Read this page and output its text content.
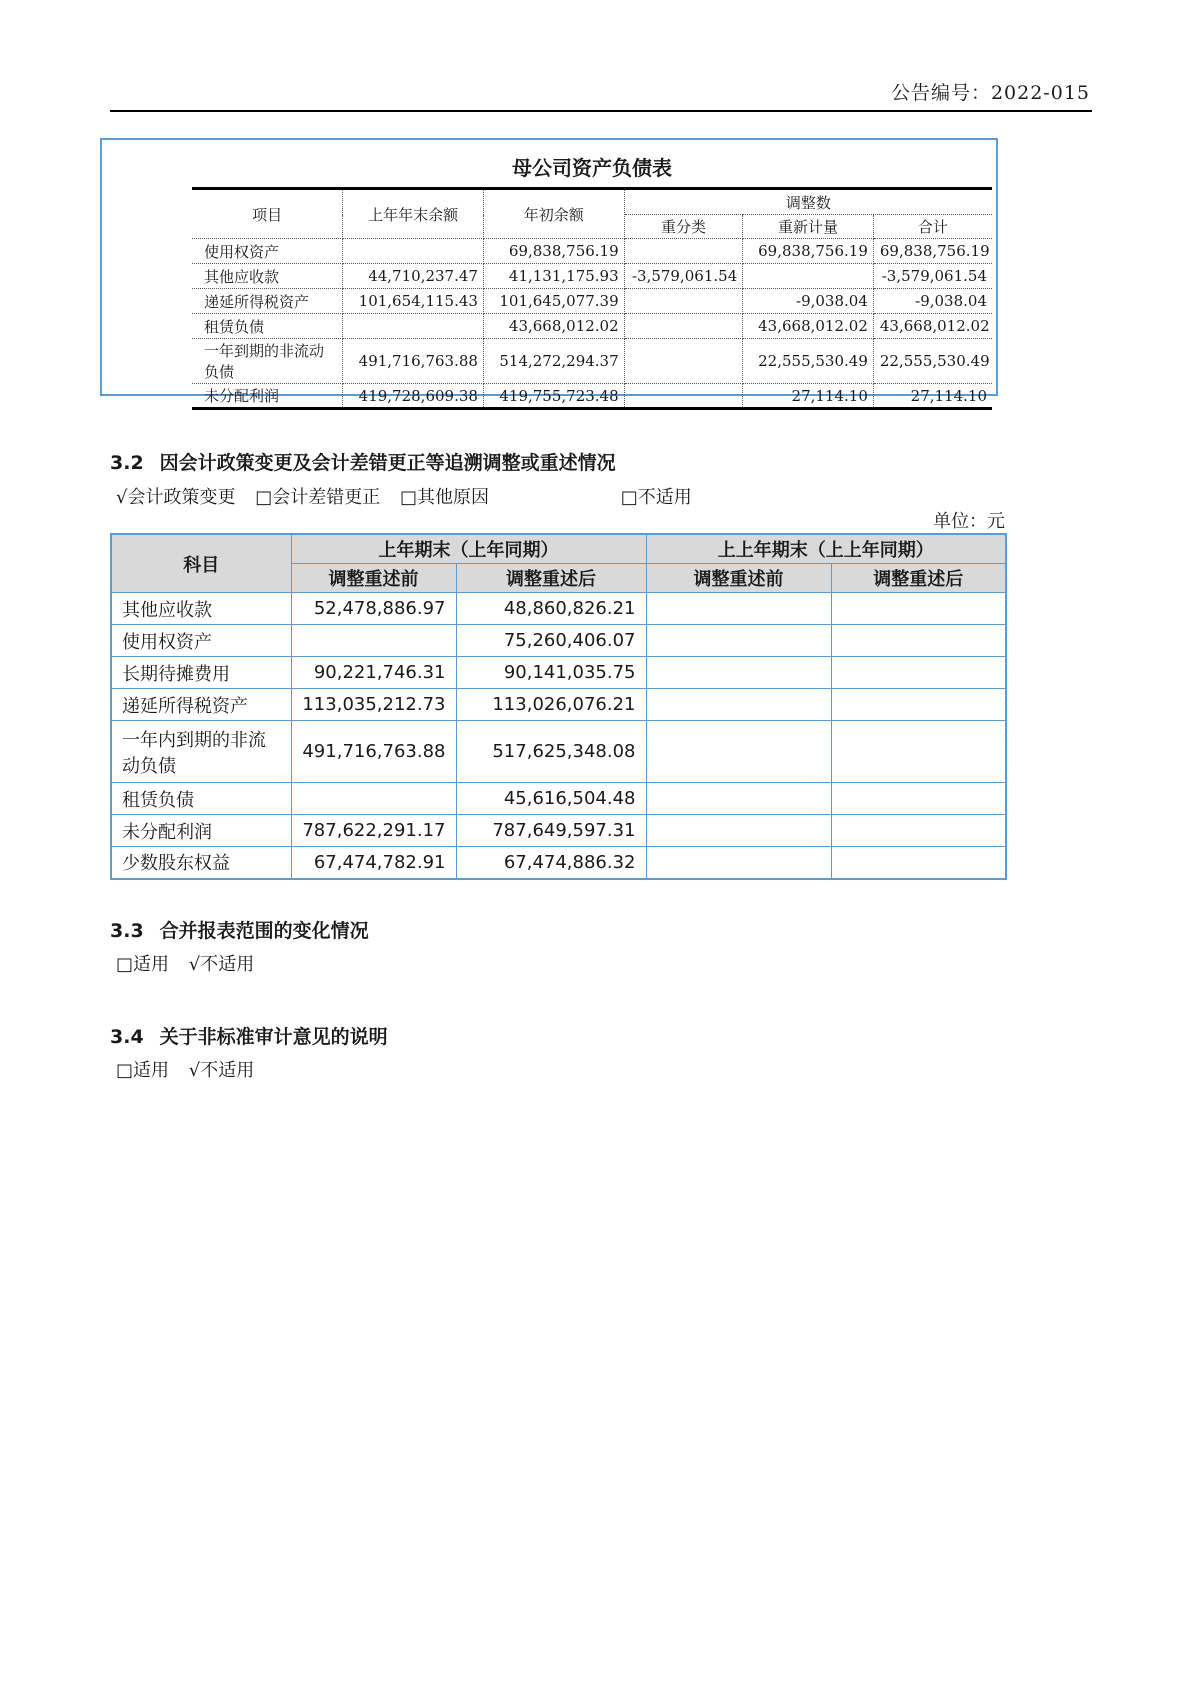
公告编号：2022-015
母公司资产负债表
项目	上年年末余额	年初余额	调整数		
			重分类	重新计量	合计
使用权资产		69,838,756.19		69,838,756.19	69,838,756.19
其他应收款	44,710,237.47	41,131,175.93	-3,579,061.54		-3,579,061.54
递延所得税资产	101,654,115.43	101,645,077.39		-9,038.04	-9,038.04
租赁负债		43,668,012.02		43,668,012.02	43,668,012.02
一年到期的非流动负债	491,716,763.88	514,272,294.37		22,555,530.49	22,555,530.49
未分配利润	419,728,609.38	419,755,723.48		27,114.10	27,114.10
3.2 因会计政策变更及会计差错更正等追溯调整或重述情况
√会计政策变更 □会计差错更正 □其他原因	□不适用
单位：元
科目	上年期末（上年同期）		上上年期末（上上年同期）	
	调整重述前	调整重述后	调整重述前	调整重述后
其他应收款	52,478,886.97	48,860,826.21		
使用权资产		75,260,406.07		
长期待摊费用	90,221,746.31	90,141,035.75		
递延所得税资产	113,035,212.73	113,026,076.21		
一年内到期的非流动负债	491,716,763.88	517,625,348.08		
租赁负债		45,616,504.48		
未分配利润	787,622,291.17	787,649,597.31		
少数股东权益	67,474,782.91	67,474,886.32		
3.3 合并报表范围的变化情况
□适用 √不适用
3.4 关于非标准审计意见的说明
□适用 √不适用
